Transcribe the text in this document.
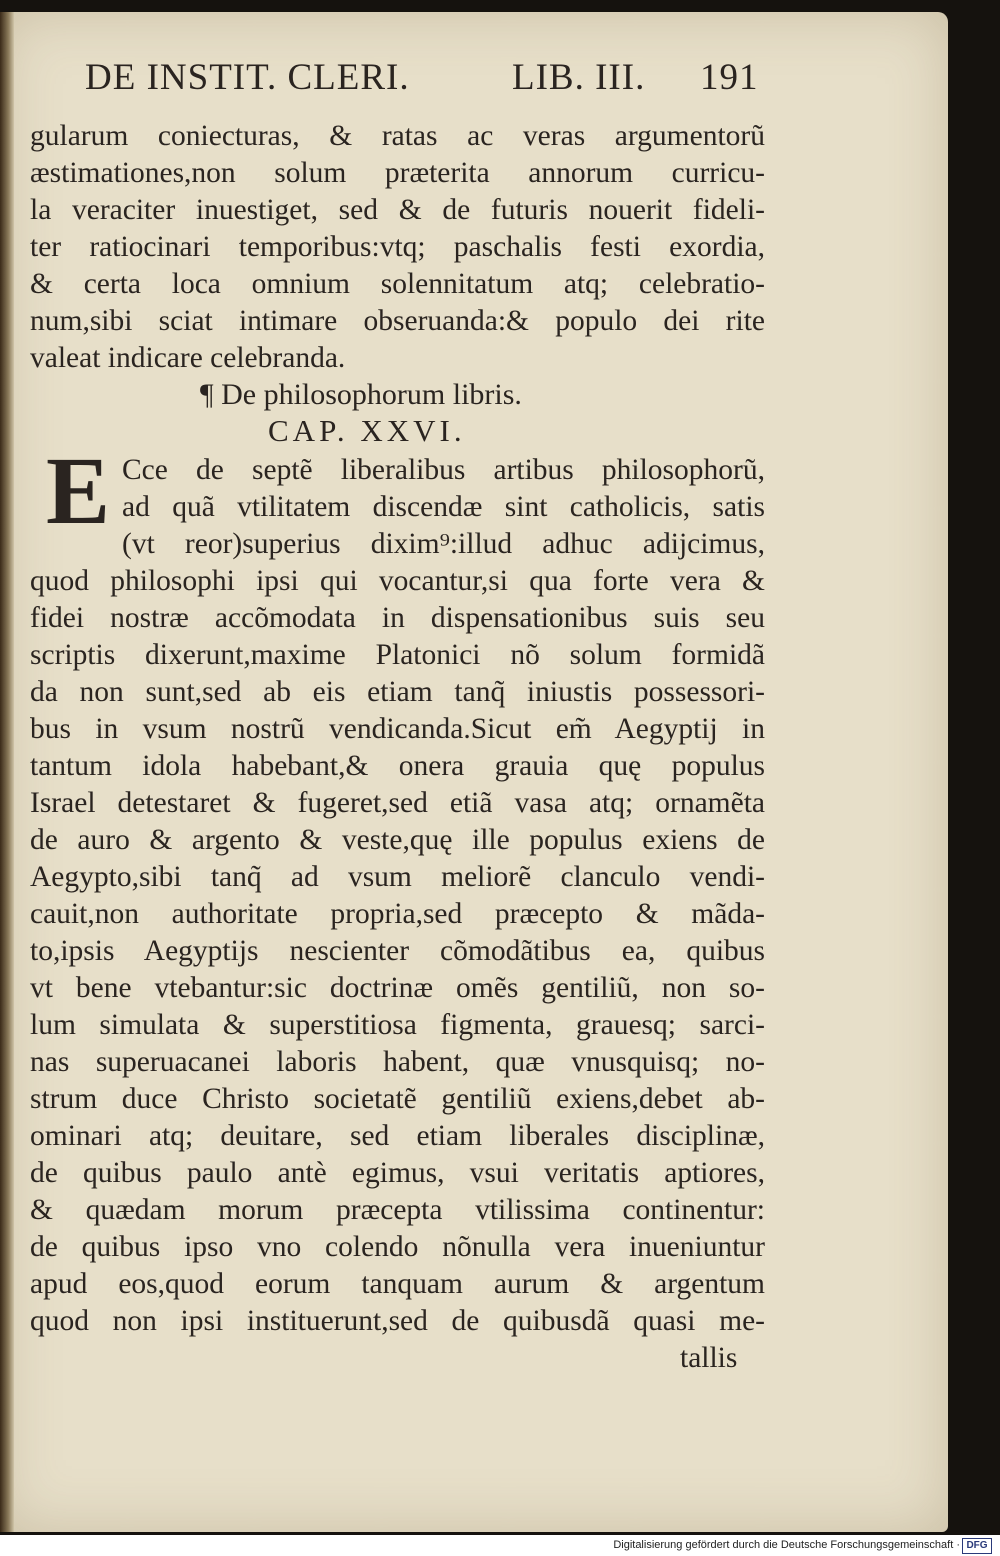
DE INSTIT. CLERI.	LIB. III. 191
gularum coniecturas, & ratas ac veras argumentorũ
æstimationes,non solum præterita annorum curricu-
la veraciter inuestiget, sed & de futuris nouerit fideli-
ter ratiocinari temporibus:vtq; paschalis festi exordia,
& certa loca omnium solennitatum atq; celebratio-
num,sibi sciat intimare obseruanda:& populo dei rite
valeat indicare celebranda.
¶ De philosophorum libris.
CAP. XXVI.
E Cce de septẽ liberalibus artibus philosophorũ,
ad quã vtilitatem discendæ sint catholicis, satis
(vt reor)superius dixim⁹:illud adhuc adijcimus,
quod philosophi ipsi qui vocantur,si qua forte vera &
fidei nostræ accõmodata in dispensationibus suis seu
scriptis dixerunt,maxime Platonici nõ solum formidã
da non sunt,sed ab eis etiam tanq̃ iniustis possessori-
bus in vsum nostrũ vendicanda.Sicut em̃ Aegyptij in
tantum idola habebant,& onera grauia quę populus
Israel detestaret & fugeret,sed etiã vasa atq; ornamẽta
de auro & argento & veste,quę ille populus exiens de
Aegypto,sibi tanq̃ ad vsum meliorẽ clanculo vendi-
cauit,non authoritate propria,sed præcepto & mãda-
to,ipsis Aegyptijs nescienter cõmodãtibus ea, quibus
vt bene vtebantur:sic doctrinæ omẽs gentiliũ, non so-
lum simulata & superstitiosa figmenta, grauesq; sarci-
nas superuacanei laboris habent, quæ vnusquisq; no-
strum duce Christo societatẽ gentiliũ exiens,debet ab-
ominari atq; deuitare, sed etiam liberales disciplinæ,
de quibus paulo antè egimus, vsui veritatis aptiores,
& quædam morum præcepta vtilissima continentur:
de quibus ipso vno colendo nõnulla vera inueniuntur
apud eos,quod eorum tanquam aurum & argentum
quod non ipsi instituerunt,sed de quibusdã quasi me-
tallis
Digitalisierung gefördert durch die Deutsche Forschungsgemeinschaft · DFG
